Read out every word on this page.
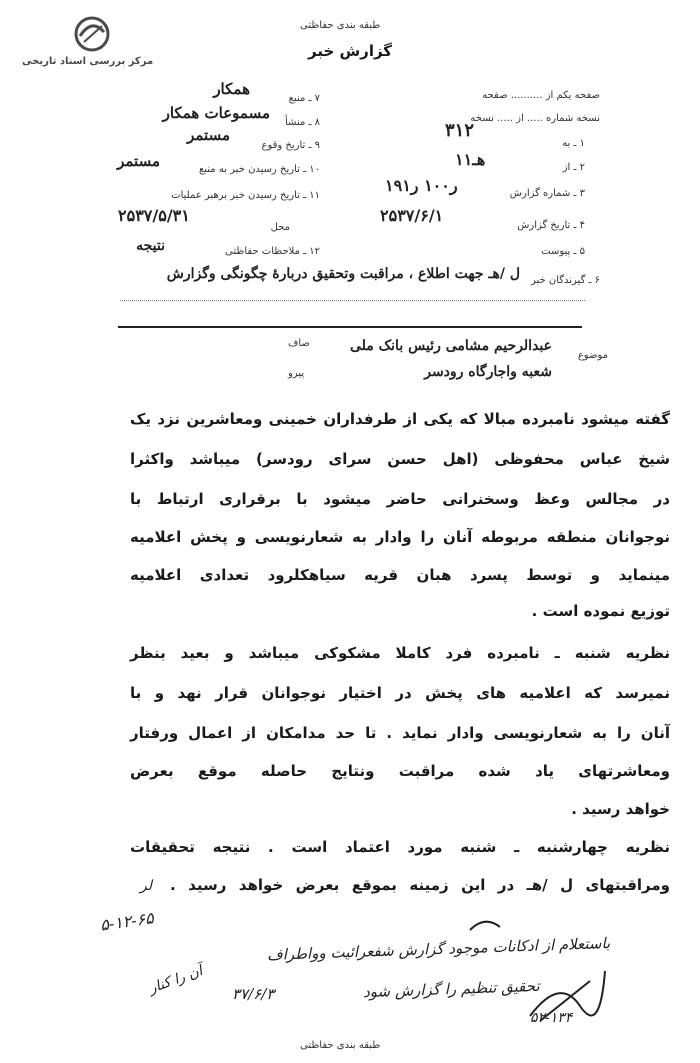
مرکز بررسی اسناد تاریخی
طبقه بندی حفاظتی
گزارش خبر
صفحه یکم از .......... صفحه
نسخه شماره ..... از ..... نسخه
۱ ـ به
۳۱۲
۲ ـ از
۱هـ۱
۳ ـ شماره گزارش
۱ر۱۰۰ ر۹۱
۴ ـ تاریخ گزارش
۲۵۳۷/۶/۱
۵ ـ پیوست
۶ ـ گیرندگان خبر
ل /هـ جهت اطلاع ، مراقبت وتحقیق دربارۀ چگونگی وگزارش
۷ ـ منبع
همکار
۸ ـ منشأ
مسموعات همکار
۹ ـ تاریخ وقوع
مستمر
۱۰ ـ تاریخ رسیدن خبر به منبع
مستمر
۱۱ ـ تاریخ رسیدن خبر برهبر عملیات
۲۵۳۷/۵/۳۱
محل
۱۲ ـ ملاحظات حفاظتی
نتیجه
موضوع
عبدالرحیم مشامی رئیس بانک ملی
شعبه واجارگاه رودسر
صاف
پیرو
گفته میشود نامبرده مبالا که یکی از طرفداران خمینی ومعاشرین نزد یک
شیخ عباس محفوظی (اهل حسن سرای رودسر) میباشد واکثرا
در مجالس وعظ وسخنرانی حاضر میشود با برقراری ارتباط با
نوجوانان منطقه مربوطه آنان را وادار به شعارنویسی و پخش اعلامیه
مینماید و توسط پسرد هبان قریه سیاهکلرود تعدادی اعلامیه
توزیع نموده است .
نظریه شنبه ـ نامبرده فرد کاملا مشکوکی میباشد و بعید بنظر
نمیرسد که اعلامیه های پخش در اختیار نوجوانان قرار نهد و با
آنان را به شعارنویسی وادار نماید . تا حد مدامکان از اعمال ورفتار
ومعاشرتهای یاد شده مراقبت ونتایج حاصله موقع بعرض
خواهد رسید .
نظریه چهارشنبه ـ شنبه مورد اعتماد است . نتیجه تحقیقات
ومراقبتهای ل /هـ در این زمینه بموقع بعرض خواهد رسید .
لر
۵-۱۲-۶۵
باستعلام از ادکانات موجود گزارش شفعرائیت وواطراف
تحقیق تنظیم را گزارش شود
۳۷/۶/۳
آن را کنار
۵۲-۱۳۴
طبقه بندی حفاظتی
